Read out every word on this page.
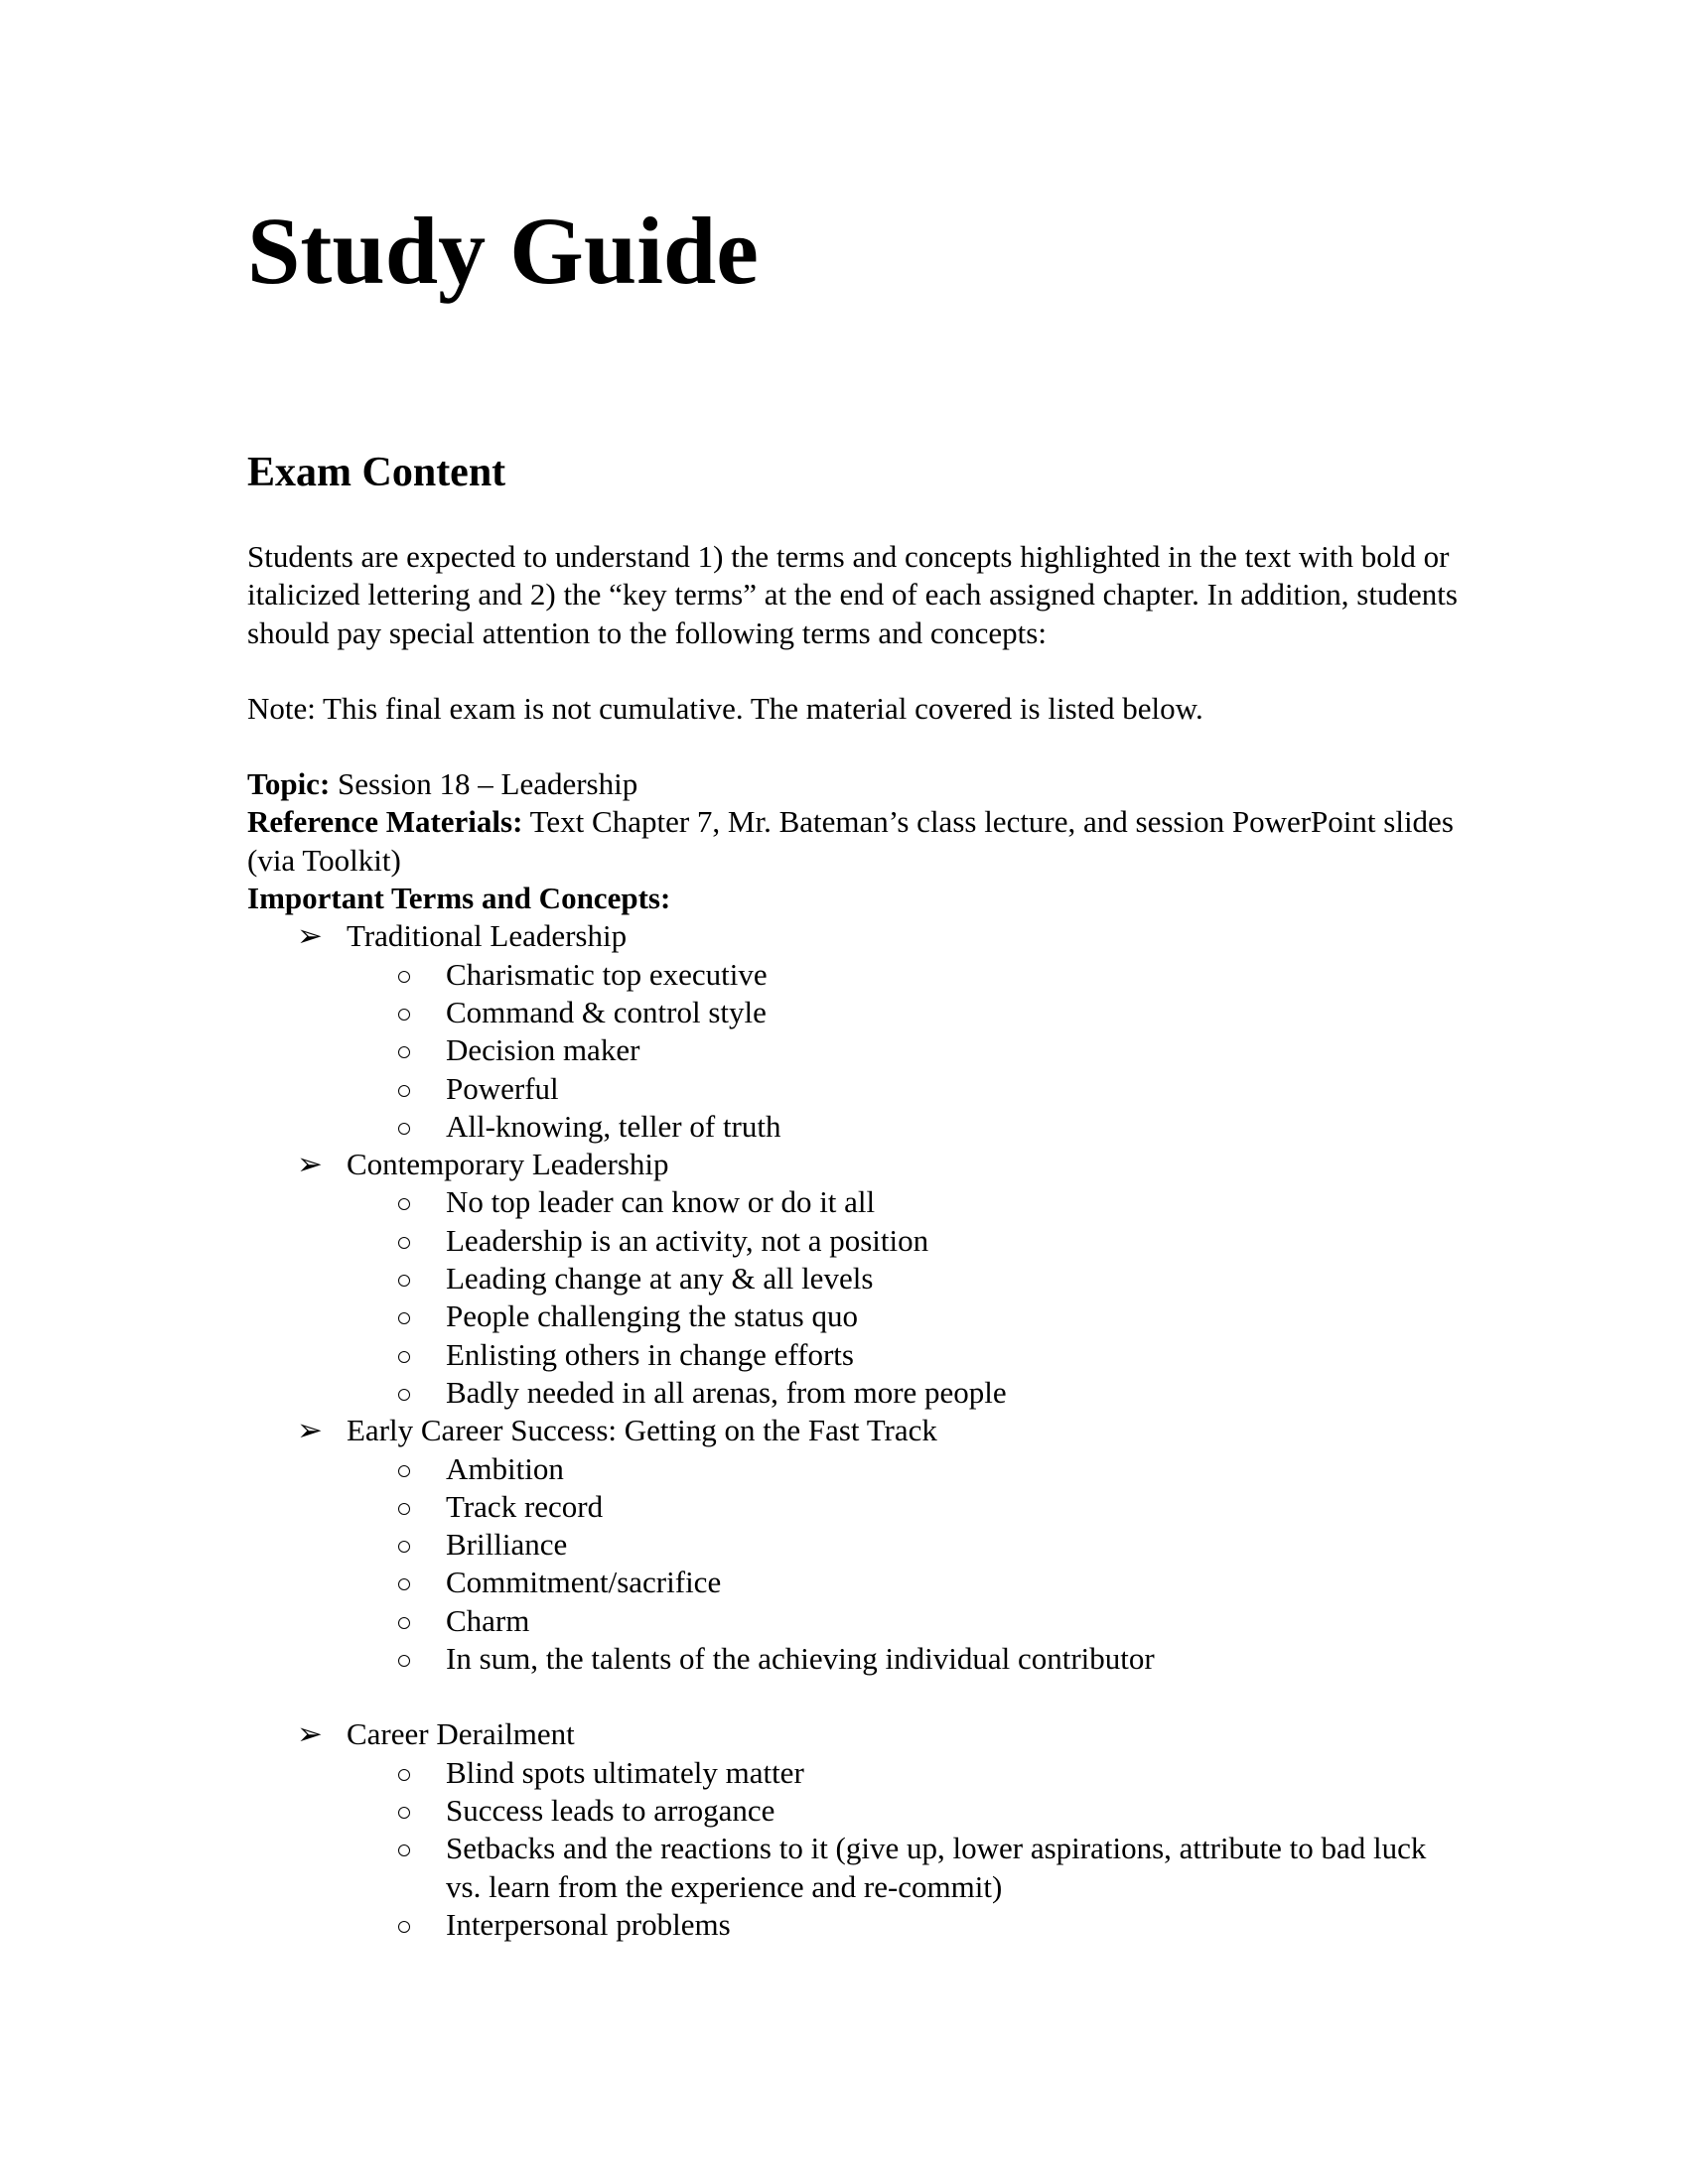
Study Guide
Exam Content

Students are expected to understand 1) the terms and concepts highlighted in the text with bold or italicized lettering and 2) the “key terms” at the end of each assigned chapter. In addition, students should pay special attention to the following terms and concepts:

Note: This final exam is not cumulative. The material covered is listed below.

Topic: Session 18 – Leadership

Reference Materials: Text Chapter 7, Mr. Bateman’s class lecture, and session PowerPoint slides (via Toolkit)

Important Terms and Concepts:

➢ Traditional Leadership
Charismatic top executive
Command & control style
Decision maker
Powerful
All-knowing, teller of truth
➢ Contemporary Leadership
No top leader can know or do it all
Leadership is an activity, not a position
Leading change at any & all levels
People challenging the status quo
Enlisting others in change efforts
Badly needed in all arenas, from more people
➢ Early Career Success: Getting on the Fast Track
Ambition
Track record
Brilliance
Commitment/sacrifice
Charm
In sum, the talents of the achieving individual contributor
➢ Career Derailment
Blind spots ultimately matter
Success leads to arrogance
Setbacks and the reactions to it (give up, lower aspirations, attribute to bad luck vs. learn from the experience and re-commit)
Interpersonal problems
